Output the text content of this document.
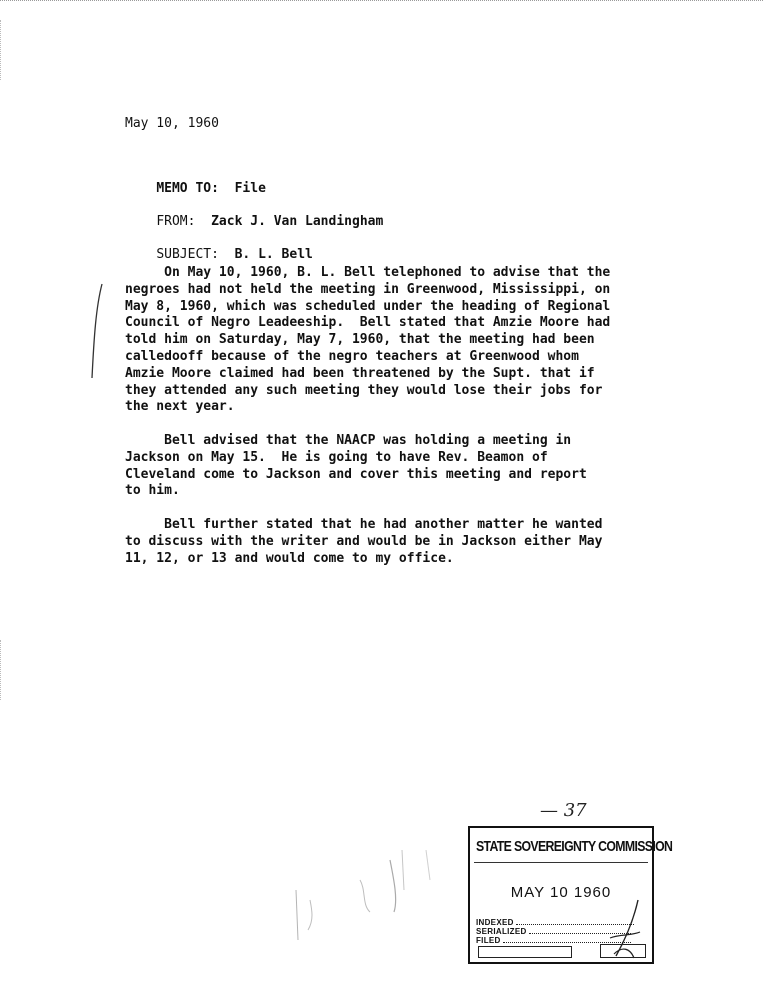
May 10, 1960

MEMO TO: File

FROM: Zack J. Van Landingham

SUBJECT: B. L. Bell

On May 10, 1960, B. L. Bell telephoned to advise that the
negroes had not held the meeting in Greenwood, Mississippi, on
May 8, 1960, which was scheduled under the heading of Regional
Council of Negro Leadeeship.  Bell stated that Amzie Moore had
told him on Saturday, May 7, 1960, that the meeting had been
calledooff because of the negro teachers at Greenwood whom
Amzie Moore claimed had been threatened by the Supt. that if
they attended any such meeting they would lose their jobs for
the next year.
Bell advised that the NAACP was holding a meeting in
Jackson on May 15.  He is going to have Rev. Beamon of
Cleveland come to Jackson and cover this meeting and report
to him.
Bell further stated that he had another matter he wanted
to discuss with the writer and would be in Jackson either May
11, 12, or 13 and would come to my office.
— 37
STATE SOVEREIGNTY COMMISSION
MAY 10 1960
INDEXED
SERIALIZED
FILED
